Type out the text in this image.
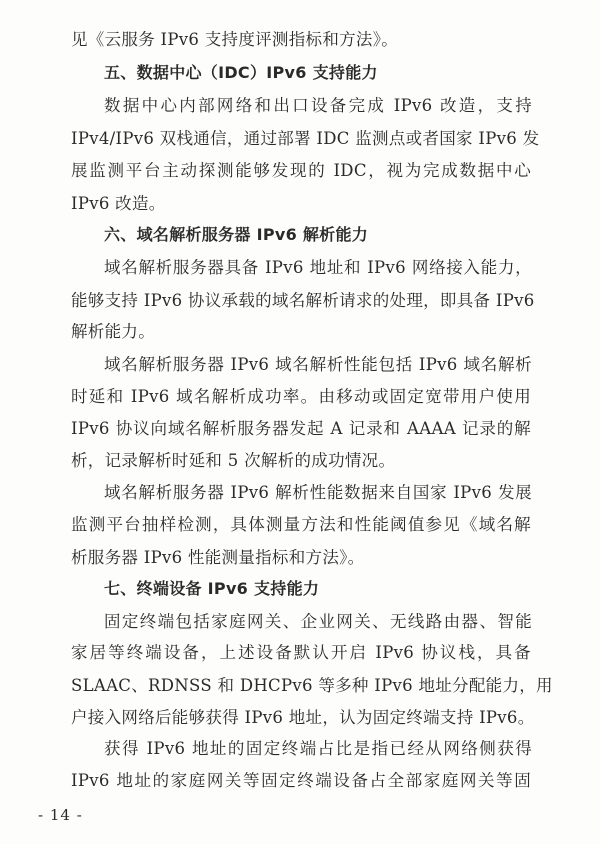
见《云服务 IPv6 支持度评测指标和方法》。
五、数据中心（IDC）IPv6 支持能力
数据中心内部网络和出口设备完成 IPv6 改造，支持
IPv4/IPv6 双栈通信，通过部署 IDC 监测点或者国家 IPv6 发
展监测平台主动探测能够发现的 IDC，视为完成数据中心
IPv6 改造。
六、域名解析服务器 IPv6 解析能力
域名解析服务器具备 IPv6 地址和 IPv6 网络接入能力，
能够支持 IPv6 协议承载的域名解析请求的处理，即具备 IPv6
解析能力。
域名解析服务器 IPv6 域名解析性能包括 IPv6 域名解析
时延和 IPv6 域名解析成功率。由移动或固定宽带用户使用
IPv6 协议向域名解析服务器发起 A 记录和 AAAA 记录的解
析，记录解析时延和 5 次解析的成功情况。
域名解析服务器 IPv6 解析性能数据来自国家 IPv6 发展
监测平台抽样检测，具体测量方法和性能阈值参见《域名解
析服务器 IPv6 性能测量指标和方法》。
七、终端设备 IPv6 支持能力
固定终端包括家庭网关、企业网关、无线路由器、智能
家居等终端设备，上述设备默认开启 IPv6 协议栈，具备
SLAAC、RDNSS 和 DHCPv6 等多种 IPv6 地址分配能力，用
户接入网络后能够获得 IPv6 地址，认为固定终端支持 IPv6。
获得 IPv6 地址的固定终端占比是指已经从网络侧获得
IPv6 地址的家庭网关等固定终端设备占全部家庭网关等固
- 14 -
